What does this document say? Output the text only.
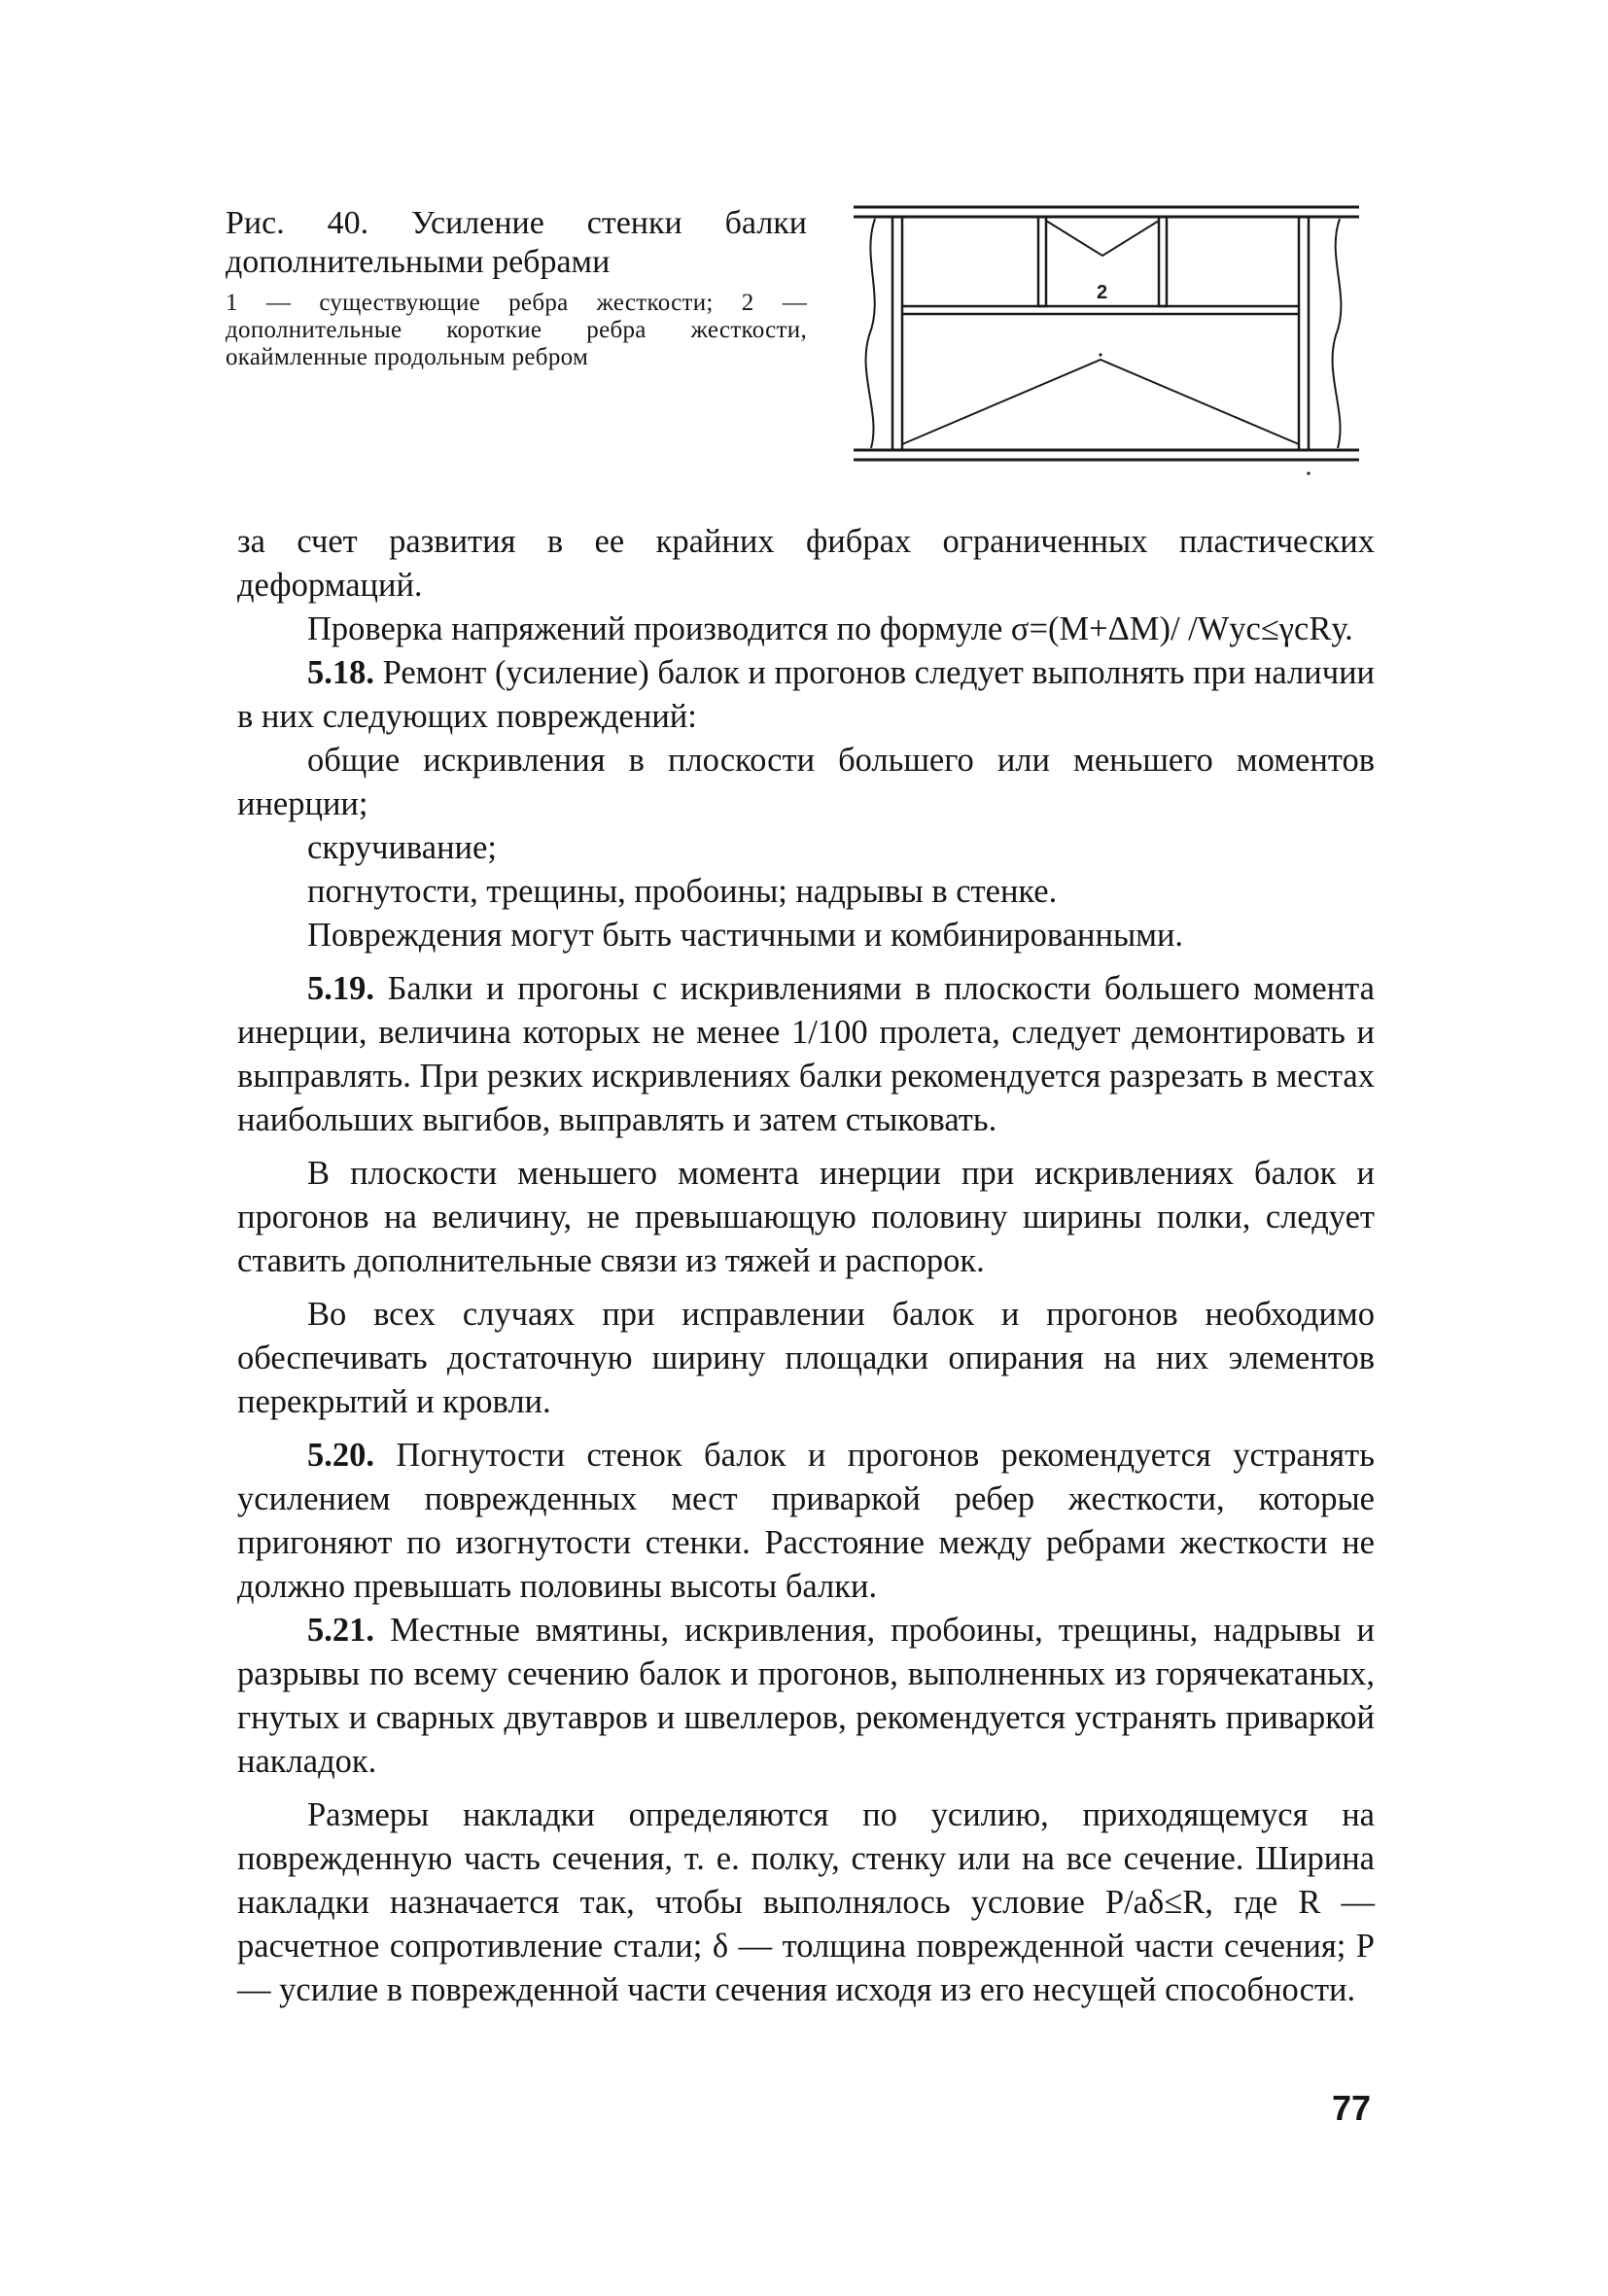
Рис. 40. Усиление стенки балки дополнительными ребрами

1 — существующие ребра жесткости; 2 — дополнительные короткие ребра жесткости, окаймленные продольным ребром

2

за счет развития в ее крайних фибрах ограниченных пластических деформаций.

Проверка напряжений производится по формуле σ=(M+ΔM)/ /Wус≤γсRу.

5.18. Ремонт (усиление) балок и прогонов следует выполнять при наличии в них следующих повреждений:

общие искривления в плоскости большего или меньшего моментов инерции;

скручивание;

погнутости, трещины, пробоины; надрывы в стенке.

Повреждения могут быть частичными и комбинированными.

5.19. Балки и прогоны с искривлениями в плоскости большего момента инерции, величина которых не менее 1/100 пролета, следует демонтировать и выправлять. При резких искривлениях балки рекомендуется разрезать в местах наибольших выгибов, выправлять и затем стыковать.

В плоскости меньшего момента инерции при искривлениях балок и прогонов на величину, не превышающую половину ширины полки, следует ставить дополнительные связи из тяжей и распорок.

Во всех случаях при исправлении балок и прогонов необходимо обеспечивать достаточную ширину площадки опирания на них элементов перекрытий и кровли.

5.20. Погнутости стенок балок и прогонов рекомендуется устранять усилением поврежденных мест приваркой ребер жесткости, которые пригоняют по изогнутости стенки. Расстояние между ребрами жесткости не должно превышать половины высоты балки.

5.21. Местные вмятины, искривления, пробоины, трещины, надрывы и разрывы по всему сечению балок и прогонов, выполненных из горячекатаных, гнутых и сварных двутавров и швеллеров, рекомендуется устранять приваркой накладок.

Размеры накладки определяются по усилию, приходящемуся на поврежденную часть сечения, т. е. полку, стенку или на все сечение. Ширина накладки назначается так, чтобы выполнялось условие P/aδ≤R, где R — расчетное сопротивление стали; δ — толщина поврежденной части сечения; P — усилие в поврежденной части сечения исходя из его несущей способности.

77
